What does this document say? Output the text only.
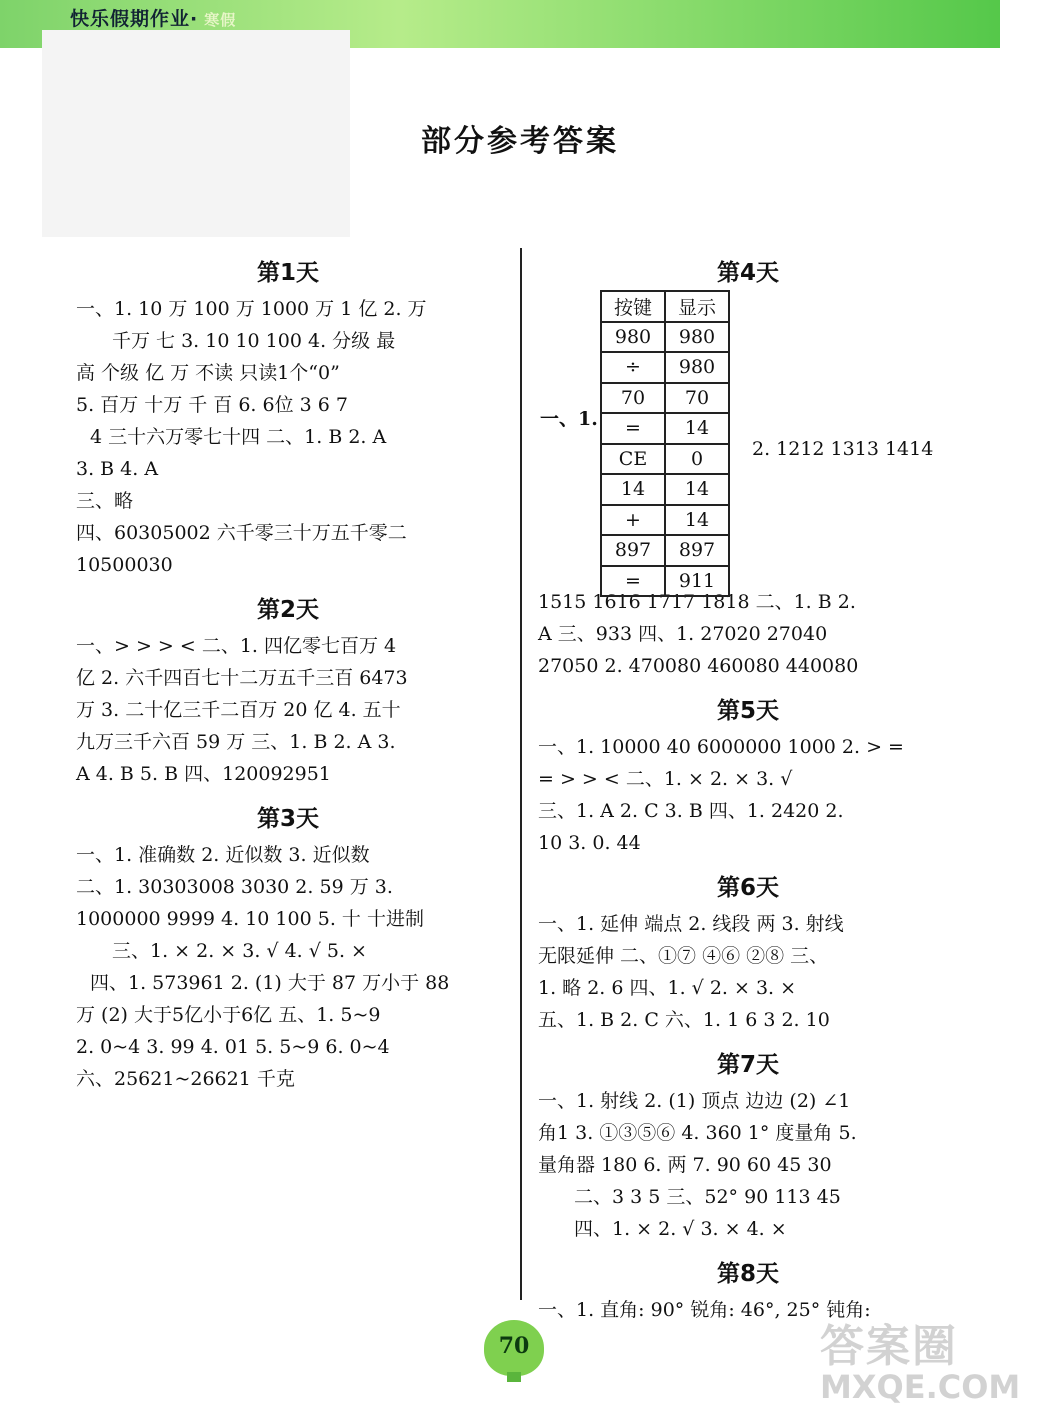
快乐假期作业· 寒假
部分参考答案
第1天
一、1. 10 万 100 万 1000 万 1 亿 2. 万
千万 七 3. 10 10 100 4. 分级 最
高 个级 亿 万 不读 只读1个“0”
5. 百万 十万 千 百 6. 6位 3 6 7
4 三十六万零七十四 二、1. B 2. A
3. B 4. A
三、略
四、60305002 六千零三十万五千零二
10500030
第2天
一、> > > < 二、1. 四亿零七百万 4
亿 2. 六千四百七十二万五千三百 6473
万 3. 二十亿三千二百万 20 亿 4. 五十
九万三千六百 59 万 三、1. B 2. A 3.
A 4. B 5. B 四、120092951
第3天
一、1. 准确数 2. 近似数 3. 近似数
二、1. 30303008 3030 2. 59 万 3.
1000000 9999 4. 10 100 5. 十 十进制
三、1. × 2. × 3. √ 4. √ 5. ×
四、1. 573961 2. (1) 大于 87 万小于 88
万 (2) 大于5亿小于6亿 五、1. 5~9
2. 0~4 3. 99 4. 01 5. 5~9 6. 0~4
六、25621~26621 千克
第4天
一、1.
按键	显示
980	980
÷	980
70	70
=	14
CE	0
14	14
+	14
897	897
=	911
2. 1212 1313 1414
1515 1616 1717 1818 二、1. B 2.
A 三、933 四、1. 27020 27040
27050 2. 470080 460080 440080
第5天
一、1. 10000 40 6000000 1000 2. > =
= > > < 二、1. × 2. × 3. √
三、1. A 2. C 3. B 四、1. 2420 2.
10 3. 0. 44
第6天
一、1. 延伸 端点 2. 线段 两 3. 射线
无限延伸 二、①⑦ ④⑥ ②⑧ 三、
1. 略 2. 6 四、1. √ 2. × 3. ×
五、1. B 2. C 六、1. 1 6 3 2. 10
第7天
一、1. 射线 2. (1) 顶点 边边 (2) ∠1
角1 3. ①③⑤⑥ 4. 360 1° 度量角 5.
量角器 180 6. 两 7. 90 60 45 30
二、3 3 5 三、52° 90 113 45
四、1. × 2. √ 3. × 4. ×
第8天
一、1. 直角: 90° 锐角: 46°, 25° 钝角:
70	答案圈
MXQE.COM
